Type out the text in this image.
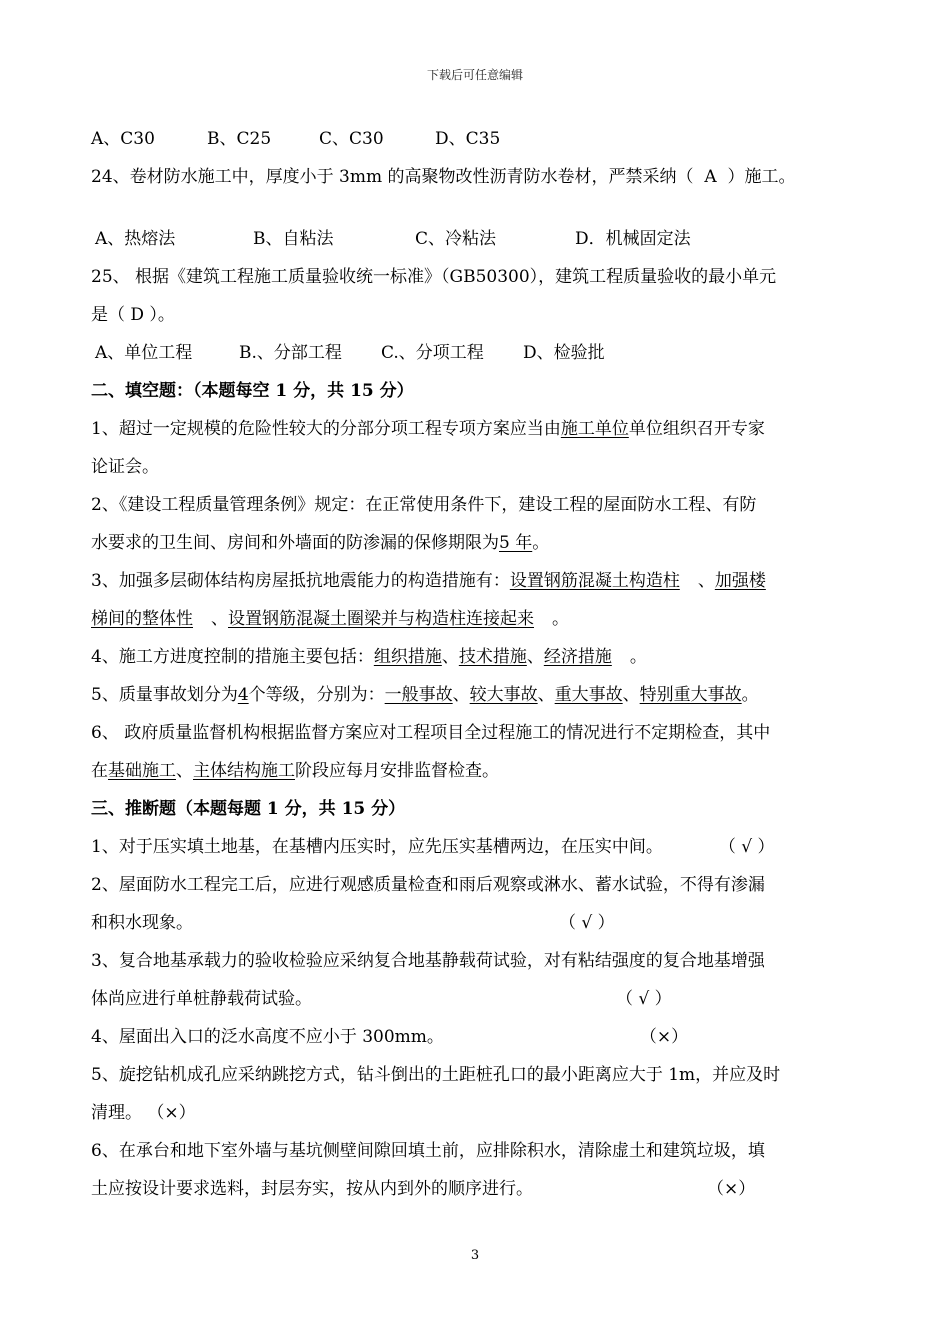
下载后可任意编辑
A、C30	B、C25	C、C30	D、C35
24、卷材防水施工中，厚度小于 3mm 的高聚物改性沥青防水卷材，严禁采纳（ A ）施工。
A、热熔法	B、自粘法	C、冷粘法	D．机械固定法
25、 根据《建筑工程施工质量验收统一标准》（GB50300），建筑工程质量验收的最小单元
是（ D ）。
A、单位工程	B.、分部工程 C.、分项工程 D、检验批
二、填空题：（本题每空 1 分，共 15 分）
1、超过一定规模的危险性较大的分部分项工程专项方案应当由施工单位单位组织召开专家
论证会。
2、《建设工程质量管理条例》规定：在正常使用条件下，建设工程的屋面防水工程、有防
水要求的卫生间、房间和外墙面的防渗漏的保修期限为5 年。
3、加强多层砌体结构房屋抵抗地震能力的构造措施有：设置钢筋混凝土构造柱 、加强楼
梯间的整体性 、设置钢筋混凝土圈梁并与构造柱连接起来 。
4、施工方进度控制的措施主要包括：组织措施、技术措施、经济措施 。
5、质量事故划分为4个等级，分别为：一般事故、较大事故、重大事故、特别重大事故。
6、 政府质量监督机构根据监督方案应对工程项目全过程施工的情况进行不定期检查，其中
在基础施工、主体结构施工阶段应每月安排监督检查。
三、推断题（本题每题 1 分，共 15 分）
1、对于压实填土地基，在基槽内压实时，应先压实基槽两边，在压实中间。	（ √ ）
2、屋面防水工程完工后，应进行观感质量检查和雨后观察或淋水、蓄水试验，不得有渗漏
和积水现象。	（ √ ）
3、复合地基承载力的验收检验应采纳复合地基静载荷试验，对有粘结强度的复合地基增强
体尚应进行单桩静载荷试验。	（ √ ）
4、屋面出入口的泛水高度不应小于 300mm。	（×）
5、旋挖钻机成孔应采纳跳挖方式，钻斗倒出的土距桩孔口的最小距离应大于 1m，并应及时
清理。 （×）
6、在承台和地下室外墙与基坑侧壁间隙回填土前，应排除积水，清除虚土和建筑垃圾，填
土应按设计要求选料，封层夯实，按从内到外的顺序进行。	（×）
3
